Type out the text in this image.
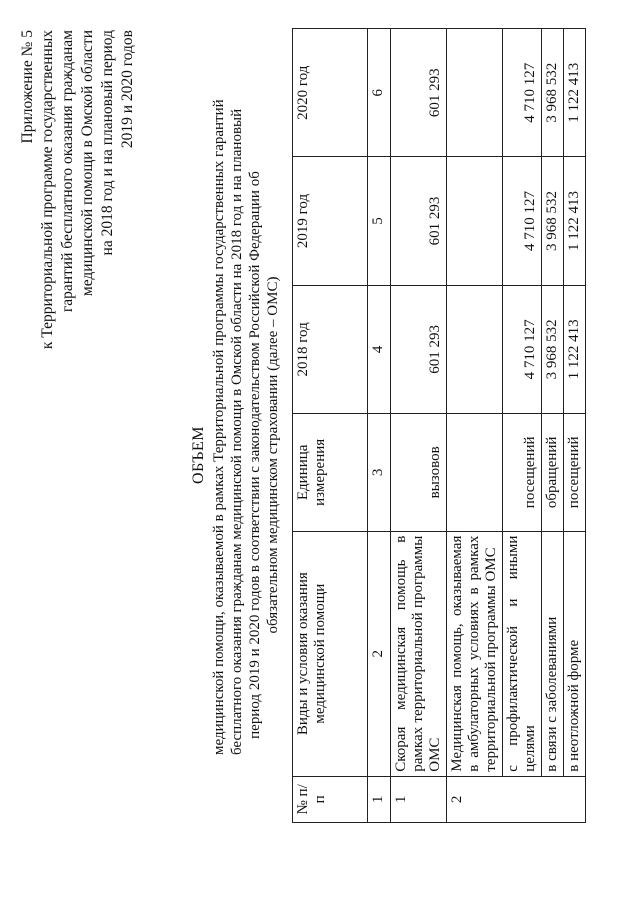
Приложение № 5 к Территориальной программе государственных гарантий бесплатного оказания гражданам медицинской помощи в Омской области на 2018 год и на плановый период 2019 и 2020 годов
ОБЪЕМ медицинской помощи, оказываемой в рамках Территориальной программы государственных гарантий бесплатного оказания гражданам медицинской помощи в Омской области на 2018 год и на плановый период 2019 и 2020 годов в соответствии с законодательством Российской Федерации об обязательном медицинском страховании (далее – ОМС)
№ п/п	Виды и условия оказания медицинской помощи	Единица измерения	2018 год	2019 год	2020 год
1	2	3	4	5	6
1	Скорая медицинская помощь в рамках территориальной программы ОМС	вызовов	601 293	601 293	601 293
2	Медицинская помощь, оказываемая в амбулаторных условиях в рамках территориальной программы ОМС				
	с профилактической и иными целями	посещений	4 710 127	4 710 127	4 710 127
	в связи с заболеваниями	обращений	3 968 532	3 968 532	3 968 532
	в неотложной форме	посещений	1 122 413	1 122 413	1 122 413
